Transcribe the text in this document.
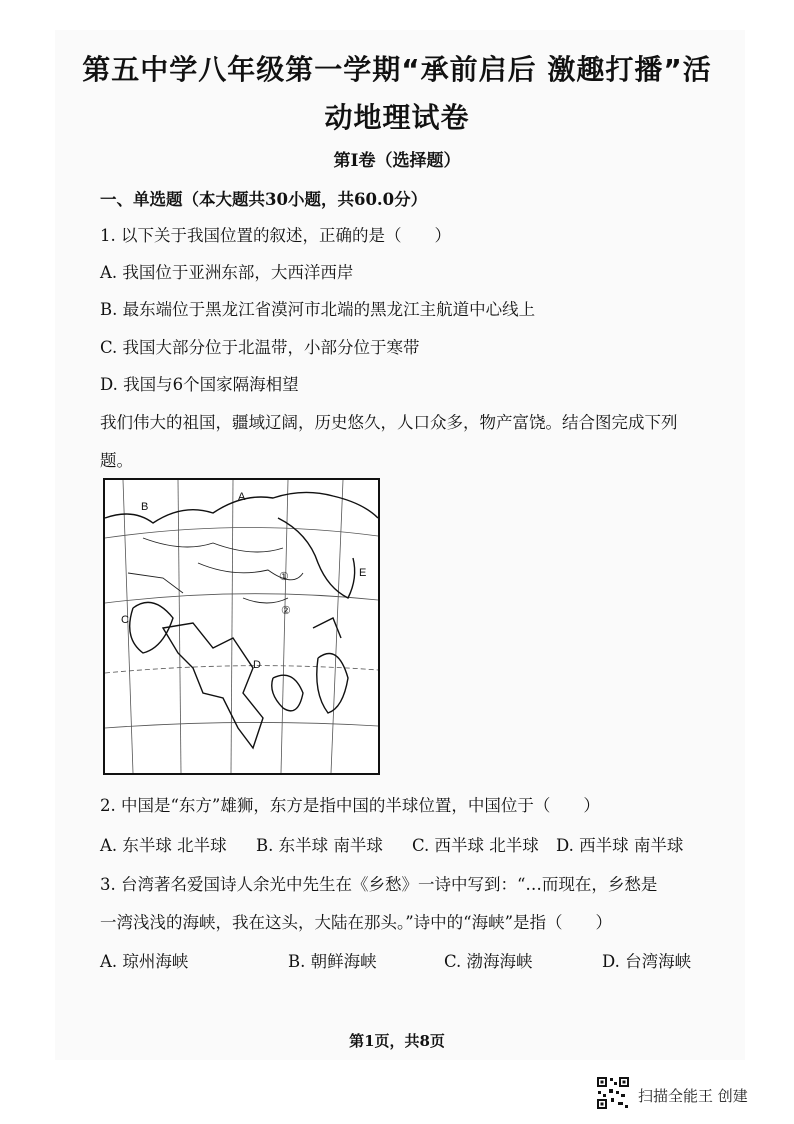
第五中学八年级第一学期“承前启后 激趣打播”活
动地理试卷
第I卷（选择题）
一、单选题（本大题共30小题，共60.0分）
1. 以下关于我国位置的叙述，正确的是（　　）
A. 我国位于亚洲东部，大西洋西岸
B. 最东端位于黑龙江省漠河市北端的黑龙江主航道中心线上
C. 我国大部分位于北温带，小部分位于寒带
D. 我国与6个国家隔海相望
我们伟大的祖国，疆域辽阔，历史悠久，人口众多，物产富饶。结合图完成下列
题。
A
B
C
D
E
①
②
2. 中国是“东方”雄狮，东方是指中国的半球位置，中国位于（　　）
A. 东半球 北半球 B. 东半球 南半球 C. 西半球 北半球 D. 西半球 南半球
3. 台湾著名爱国诗人余光中先生在《乡愁》一诗中写到：“…而现在，乡愁是
一湾浅浅的海峡，我在这头，大陆在那头。”诗中的“海峡”是指（　　）
A. 琼州海峡	B. 朝鲜海峡	C. 渤海海峡	D. 台湾海峡
第1页，共8页
扫描全能王 创建
